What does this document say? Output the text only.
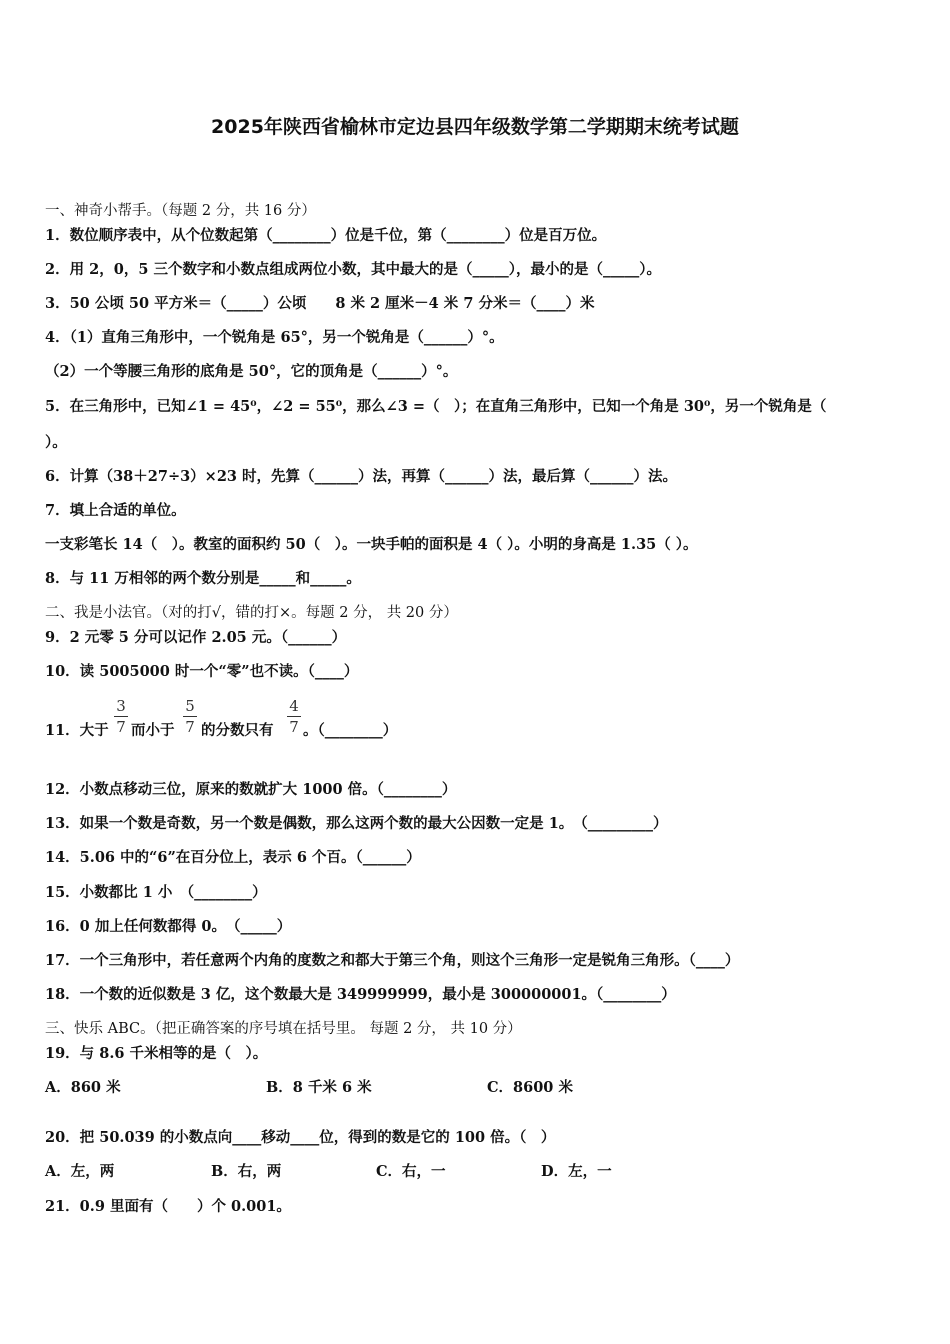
2025年陕西省榆林市定边县四年级数学第二学期期末统考试题
一、神奇小帮手。（每题 2 分，共 16 分）
1．数位顺序表中，从个位数起第（________）位是千位，第（________）位是百万位。
2．用 2，0，5 三个数字和小数点组成两位小数，其中最大的是（_____），最小的是（_____）。
3．50 公顷 50 平方米＝（_____）公顷　　8 米 2 厘米－4 米 7 分米＝（____）米
4．（1）直角三角形中，一个锐角是 65°，另一个锐角是（______）°。
（2）一个等腰三角形的底角是 50°，它的顶角是（______）°。
5．在三角形中，已知∠1 = 45⁰，∠2 = 55⁰，那么∠3 =（　）；在直角三角形中，已知一个角是 30⁰，另一个锐角是（
）。
6．计算（38＋27÷3）×23 时，先算（______）法，再算（______）法，最后算（______）法。
7．填上合适的单位。
一支彩笔长 14（　）。教室的面积约 50（　）。一块手帕的面积是 4（ ）。小明的身高是 1.35（ ）。
8．与 11 万相邻的两个数分别是_____和_____。
二、我是小法官。（对的打√，错的打×。每题 2 分， 共 20 分）
9．2 元零 5 分可以记作 2.05 元。（______）
10．读 5005000 时一个“零”也不读。（____）
11．大于
3
7 而小于
5
7 的分数只有
4
7 。（________）
12．小数点移动三位，原来的数就扩大 1000 倍。（________）
13．如果一个数是奇数，另一个数是偶数，那么这两个数的最大公因数一定是 1。　（_________）
14．5.06 中的“6”在百分位上，表示 6 个百。（______）
15．小数都比 1 小　（________）
16．0 加上任何数都得 0。　（_____）
17．一个三角形中，若任意两个内角的度数之和都大于第三个角，则这个三角形一定是锐角三角形。（____）
18．一个数的近似数是 3 亿，这个数最大是 349999999，最小是 300000001。（________）
三、快乐 ABC。（把正确答案的序号填在括号里。 每题 2 分， 共 10 分）
19．与 8.6 千米相等的是（　）。
A．860 米	B．8 千米 6 米	C．8600 米
20．把 50.039 的小数点向____移动____位，得到的数是它的 100 倍。（　）
A．左，两	B．右，两	C．右，一	D．左，一
21．0.9 里面有（　　）个 0.001。
